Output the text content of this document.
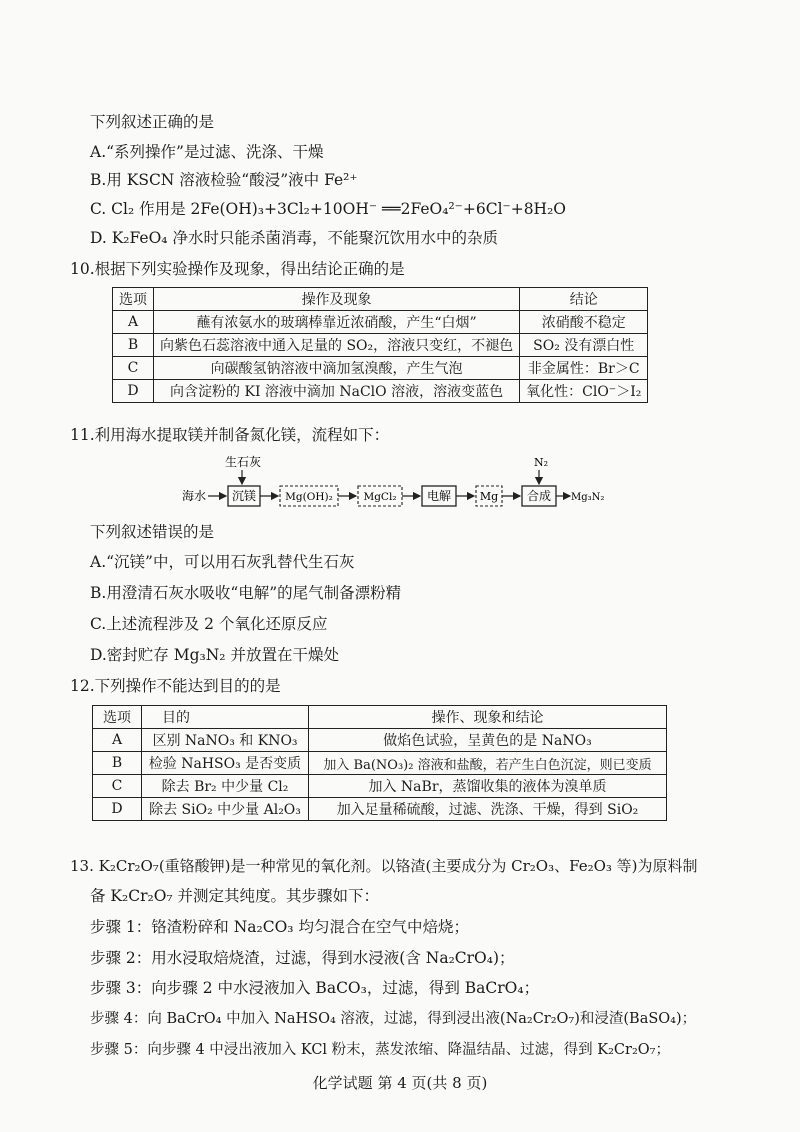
下列叙述正确的是
A.“系列操作”是过滤、洗涤、干燥
B.用 KSCN 溶液检验“酸浸”液中 Fe²⁺
C. Cl₂ 作用是 2Fe(OH)₃+3Cl₂+10OH⁻ ══2FeO₄²⁻+6Cl⁻+8H₂O
D. K₂FeO₄ 净水时只能杀菌消毒，不能聚沉饮用水中的杂质
10.根据下列实验操作及现象，得出结论正确的是
选项	操作及现象	结论
A	蘸有浓氨水的玻璃棒靠近浓硝酸，产生“白烟”	浓硝酸不稳定
B	向紫色石蕊溶液中通入足量的 SO₂，溶液只变红，不褪色	SO₂ 没有漂白性
C	向碳酸氢钠溶液中滴加氢溴酸，产生气泡	非金属性：Br＞C
D	向含淀粉的 KI 溶液中滴加 NaClO 溶液，溶液变蓝色	氧化性：ClO⁻＞I₂
11.利用海水提取镁并制备氮化镁，流程如下：
海水
生石灰
沉镁	Mg(OH)₂	MgCl₂	电解	Mg
N₂
合成 Mg₃N₂
下列叙述错误的是
A.“沉镁”中，可以用石灰乳替代生石灰
B.用澄清石灰水吸收“电解”的尾气制备漂粉精
C.上述流程涉及 2 个氧化还原反应
D.密封贮存 Mg₃N₂ 并放置在干燥处
12.下列操作不能达到目的的是
选项	目的	操作、现象和结论
A	区别 NaNO₃ 和 KNO₃	做焰色试验，呈黄色的是 NaNO₃
B	检验 NaHSO₃ 是否变质	加入 Ba(NO₃)₂ 溶液和盐酸，若产生白色沉淀，则已变质
C	除去 Br₂ 中少量 Cl₂	加入 NaBr，蒸馏收集的液体为溴单质
D	除去 SiO₂ 中少量 Al₂O₃	加入足量稀硫酸，过滤、洗涤、干燥，得到 SiO₂
13. K₂Cr₂O₇(重铬酸钾)是一种常见的氧化剂。以铬渣(主要成分为 Cr₂O₃、Fe₂O₃ 等)为原料制
备 K₂Cr₂O₇ 并测定其纯度。其步骤如下：
步骤 1：铬渣粉碎和 Na₂CO₃ 均匀混合在空气中焙烧；
步骤 2：用水浸取焙烧渣，过滤，得到水浸液(含 Na₂CrO₄)；
步骤 3：向步骤 2 中水浸液加入 BaCO₃，过滤，得到 BaCrO₄；
步骤 4：向 BaCrO₄ 中加入 NaHSO₄ 溶液，过滤，得到浸出液(Na₂Cr₂O₇)和浸渣(BaSO₄)；
步骤 5：向步骤 4 中浸出液加入 KCl 粉末，蒸发浓缩、降温结晶、过滤，得到 K₂Cr₂O₇；
化学试题 第 4 页(共 8 页)
